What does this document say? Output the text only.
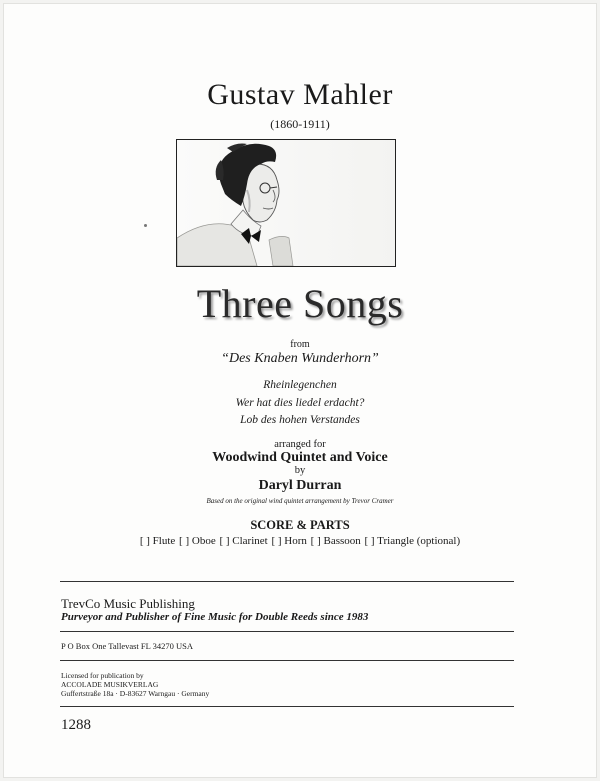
Gustav Mahler
(1860-1911)
Three Songs
from
“Des Knaben Wunderhorn”
Rheinlegenchen
Wer hat dies liedel erdacht?
Lob des hohen Verstandes
arranged for
Woodwind Quintet and Voice
by
Daryl Durran
Based on the original wind quintet arrangement by Trevor Cramer
SCORE & PARTS
[ ] Flute [ ] Oboe [ ] Clarinet [ ] Horn [ ] Bassoon [ ] Triangle (optional)
TrevCo Music Publishing
Purveyor and Publisher of Fine Music for Double Reeds since 1983
P O Box One Tallevast FL 34270 USA
Licensed for publication by
ACCOLADE MUSIKVERLAG
Guffertstraße 18a · D-83627 Warngau · Germany
1288
